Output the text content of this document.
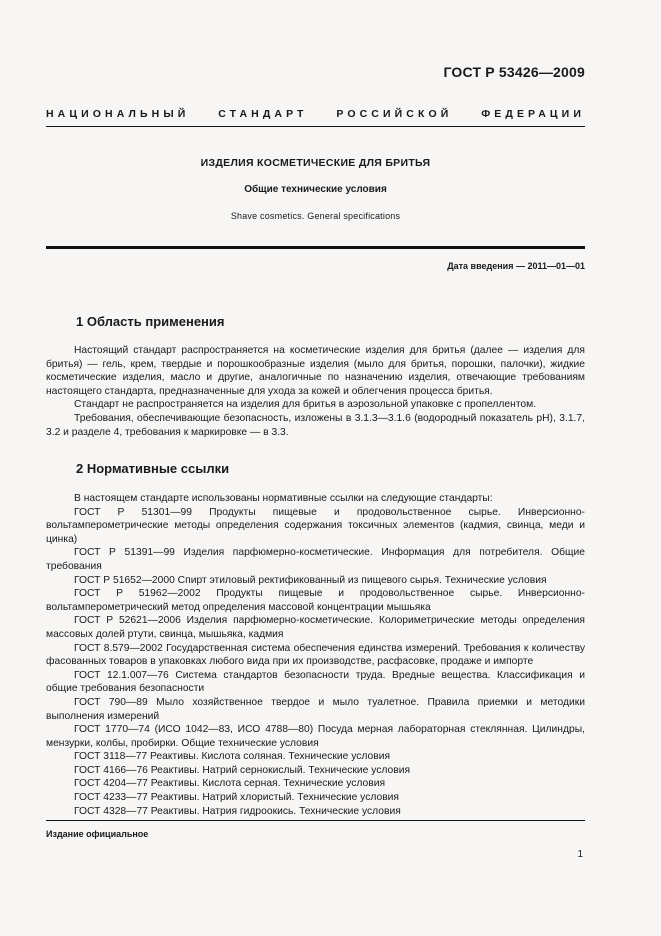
ГОСТ Р 53426—2009
НАЦИОНАЛЬНЫЙ	СТАНДАРТ	РОССИЙСКОЙ	ФЕДЕРАЦИИ
ИЗДЕЛИЯ КОСМЕТИЧЕСКИЕ ДЛЯ БРИТЬЯ
Общие технические условия
Shave cosmetics. General specifications
Дата введения — 2011—01—01
1 Область применения

Настоящий стандарт распространяется на косметические изделия для бритья (далее — изделия для бритья) — гель, крем, твердые и порошкообразные изделия (мыло для бритья, порошки, палочки), жидкие косметические изделия, масло и другие, аналогичные по назначению изделия, отвечающие требованиям настоящего стандарта, предназначенные для ухода за кожей и облегчения процесса бритья.

Стандарт не распространяется на изделия для бритья в аэрозольной упаковке с пропеллентом.

Требования, обеспечивающие безопасность, изложены в 3.1.3—3.1.6 (водородный показатель pH), 3.1.7, 3.2 и разделе 4, требования к маркировке — в 3.3.

2 Нормативные ссылки

В настоящем стандарте использованы нормативные ссылки на следующие стандарты:

ГОСТ Р 51301—99 Продукты пищевые и продовольственное сырье. Инверсионно-вольтамперометрические методы определения содержания токсичных элементов (кадмия, свинца, меди и цинка)

ГОСТ Р 51391—99 Изделия парфюмерно-косметические. Информация для потребителя. Общие требования

ГОСТ Р 51652—2000 Спирт этиловый ректификованный из пищевого сырья. Технические условия

ГОСТ Р 51962—2002 Продукты пищевые и продовольственное сырье. Инверсионно-вольтамперометрический метод определения массовой концентрации мышьяка

ГОСТ Р 52621—2006 Изделия парфюмерно-косметические. Колориметрические методы определения массовых долей ртути, свинца, мышьяка, кадмия

ГОСТ 8.579—2002 Государственная система обеспечения единства измерений. Требования к количеству фасованных товаров в упаковках любого вида при их производстве, расфасовке, продаже и импорте

ГОСТ 12.1.007—76 Система стандартов безопасности труда. Вредные вещества. Классификация и общие требования безопасности

ГОСТ 790—89 Мыло хозяйственное твердое и мыло туалетное. Правила приемки и методики выполнения измерений

ГОСТ 1770—74 (ИСО 1042—83, ИСО 4788—80) Посуда мерная лабораторная стеклянная. Цилиндры, мензурки, колбы, пробирки. Общие технические условия

ГОСТ 3118—77 Реактивы. Кислота соляная. Технические условия

ГОСТ 4166—76 Реактивы. Натрий сернокислый. Технические условия

ГОСТ 4204—77 Реактивы. Кислота серная. Технические условия

ГОСТ 4233—77 Реактивы. Натрий хлористый. Технические условия

ГОСТ 4328—77 Реактивы. Натрия гидроокись. Технические условия

Издание официальное
1
